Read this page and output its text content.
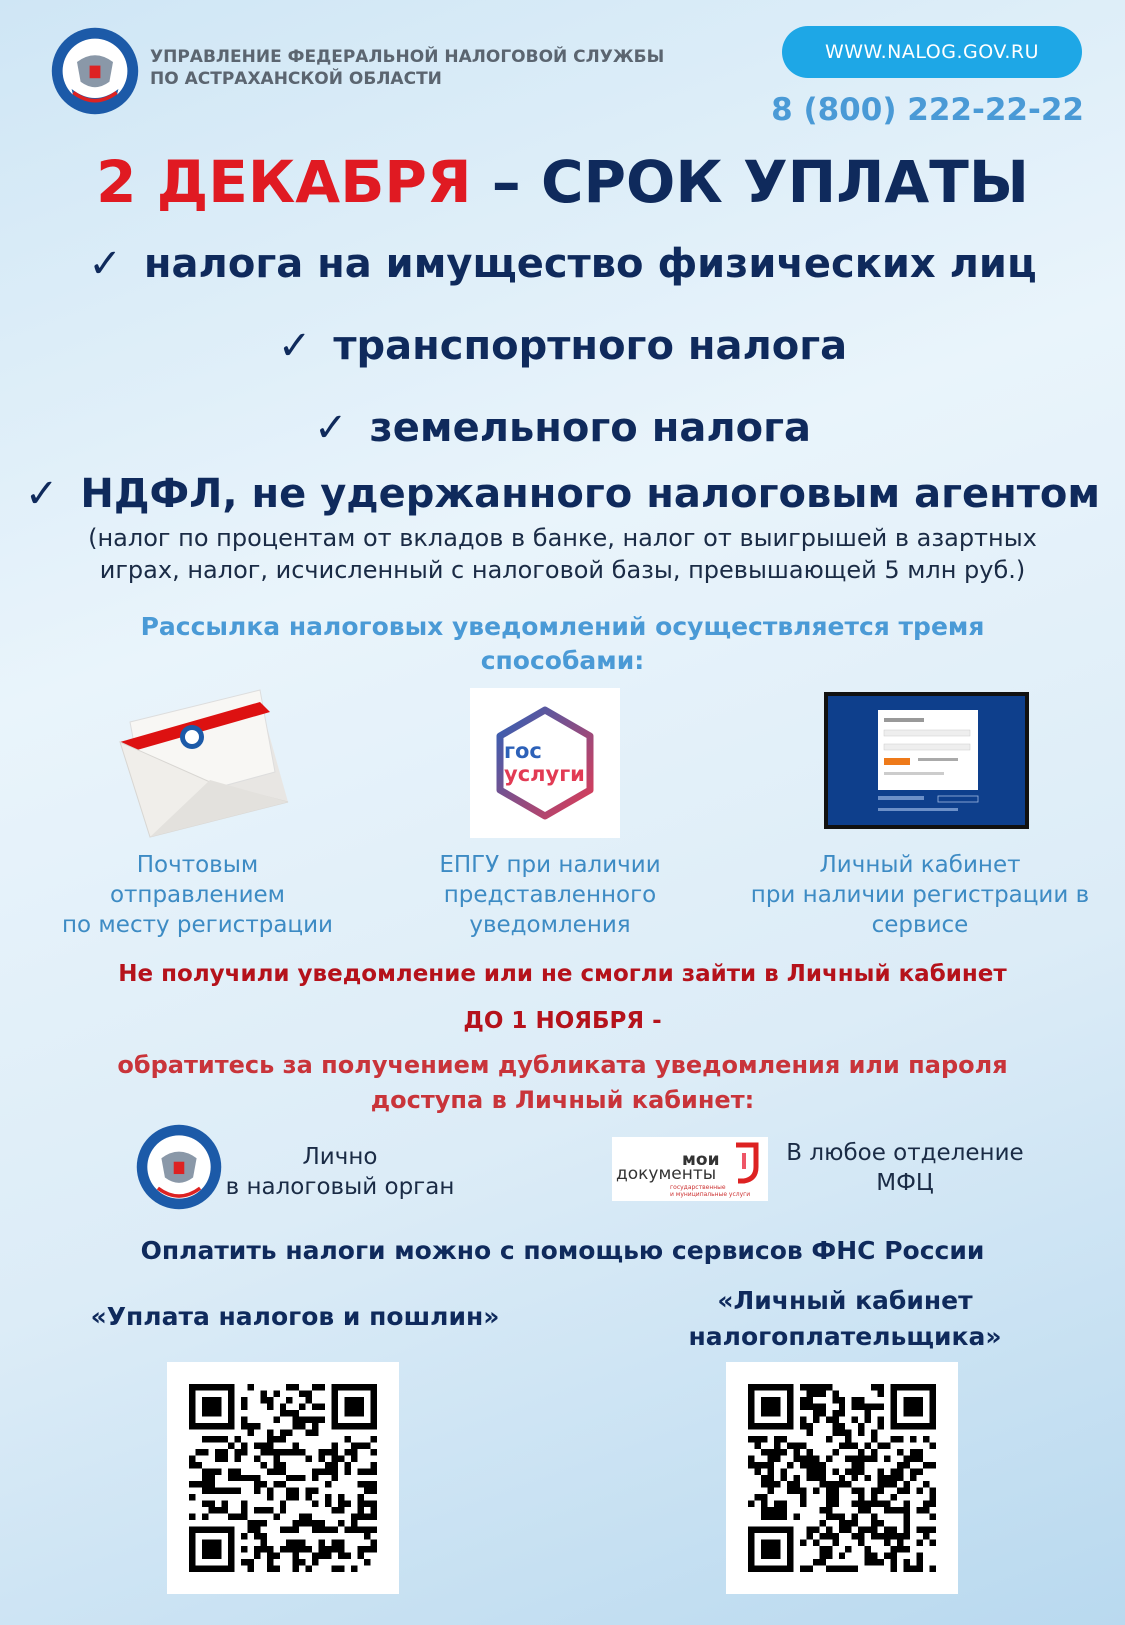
УПРАВЛЕНИЕ ФЕДЕРАЛЬНОЙ НАЛОГОВОЙ СЛУЖБЫ
ПО АСТРАХАНСКОЙ ОБЛАСТИ
WWW.NALOG.GOV.RU
8 (800) 222-22-22
2 ДЕКАБРЯ – СРОК УПЛАТЫ
✓ налога на имущество физических лиц
✓ транспортного налога
✓ земельного налога
✓ НДФЛ, не удержанного налоговым агентом
(налог по процентам от вкладов в банке, налог от выигрышей в азартных
играх, налог, исчисленный с налоговой базы, превышающей 5 млн руб.)
Рассылка налоговых уведомлений осуществляется тремя
способами:
гос
услуги
Почтовым
отправлением
по месту регистрации
ЕПГУ при наличии
представленного
уведомления
Личный кабинет
при наличии регистрации в
сервисе
Не получили уведомление или не смогли зайти в Личный кабинет
ДО 1 НОЯБРЯ -
обратитесь за получением дубликата уведомления или пароля
доступа в Личный кабинет:
Лично
в налоговый орган
мои
документы
государственные
и муниципальные услуги
В любое отделение
МФЦ
Оплатить налоги можно с помощью сервисов ФНС России
«Уплата налогов и пошлин»
«Личный кабинет
налогоплательщика»
